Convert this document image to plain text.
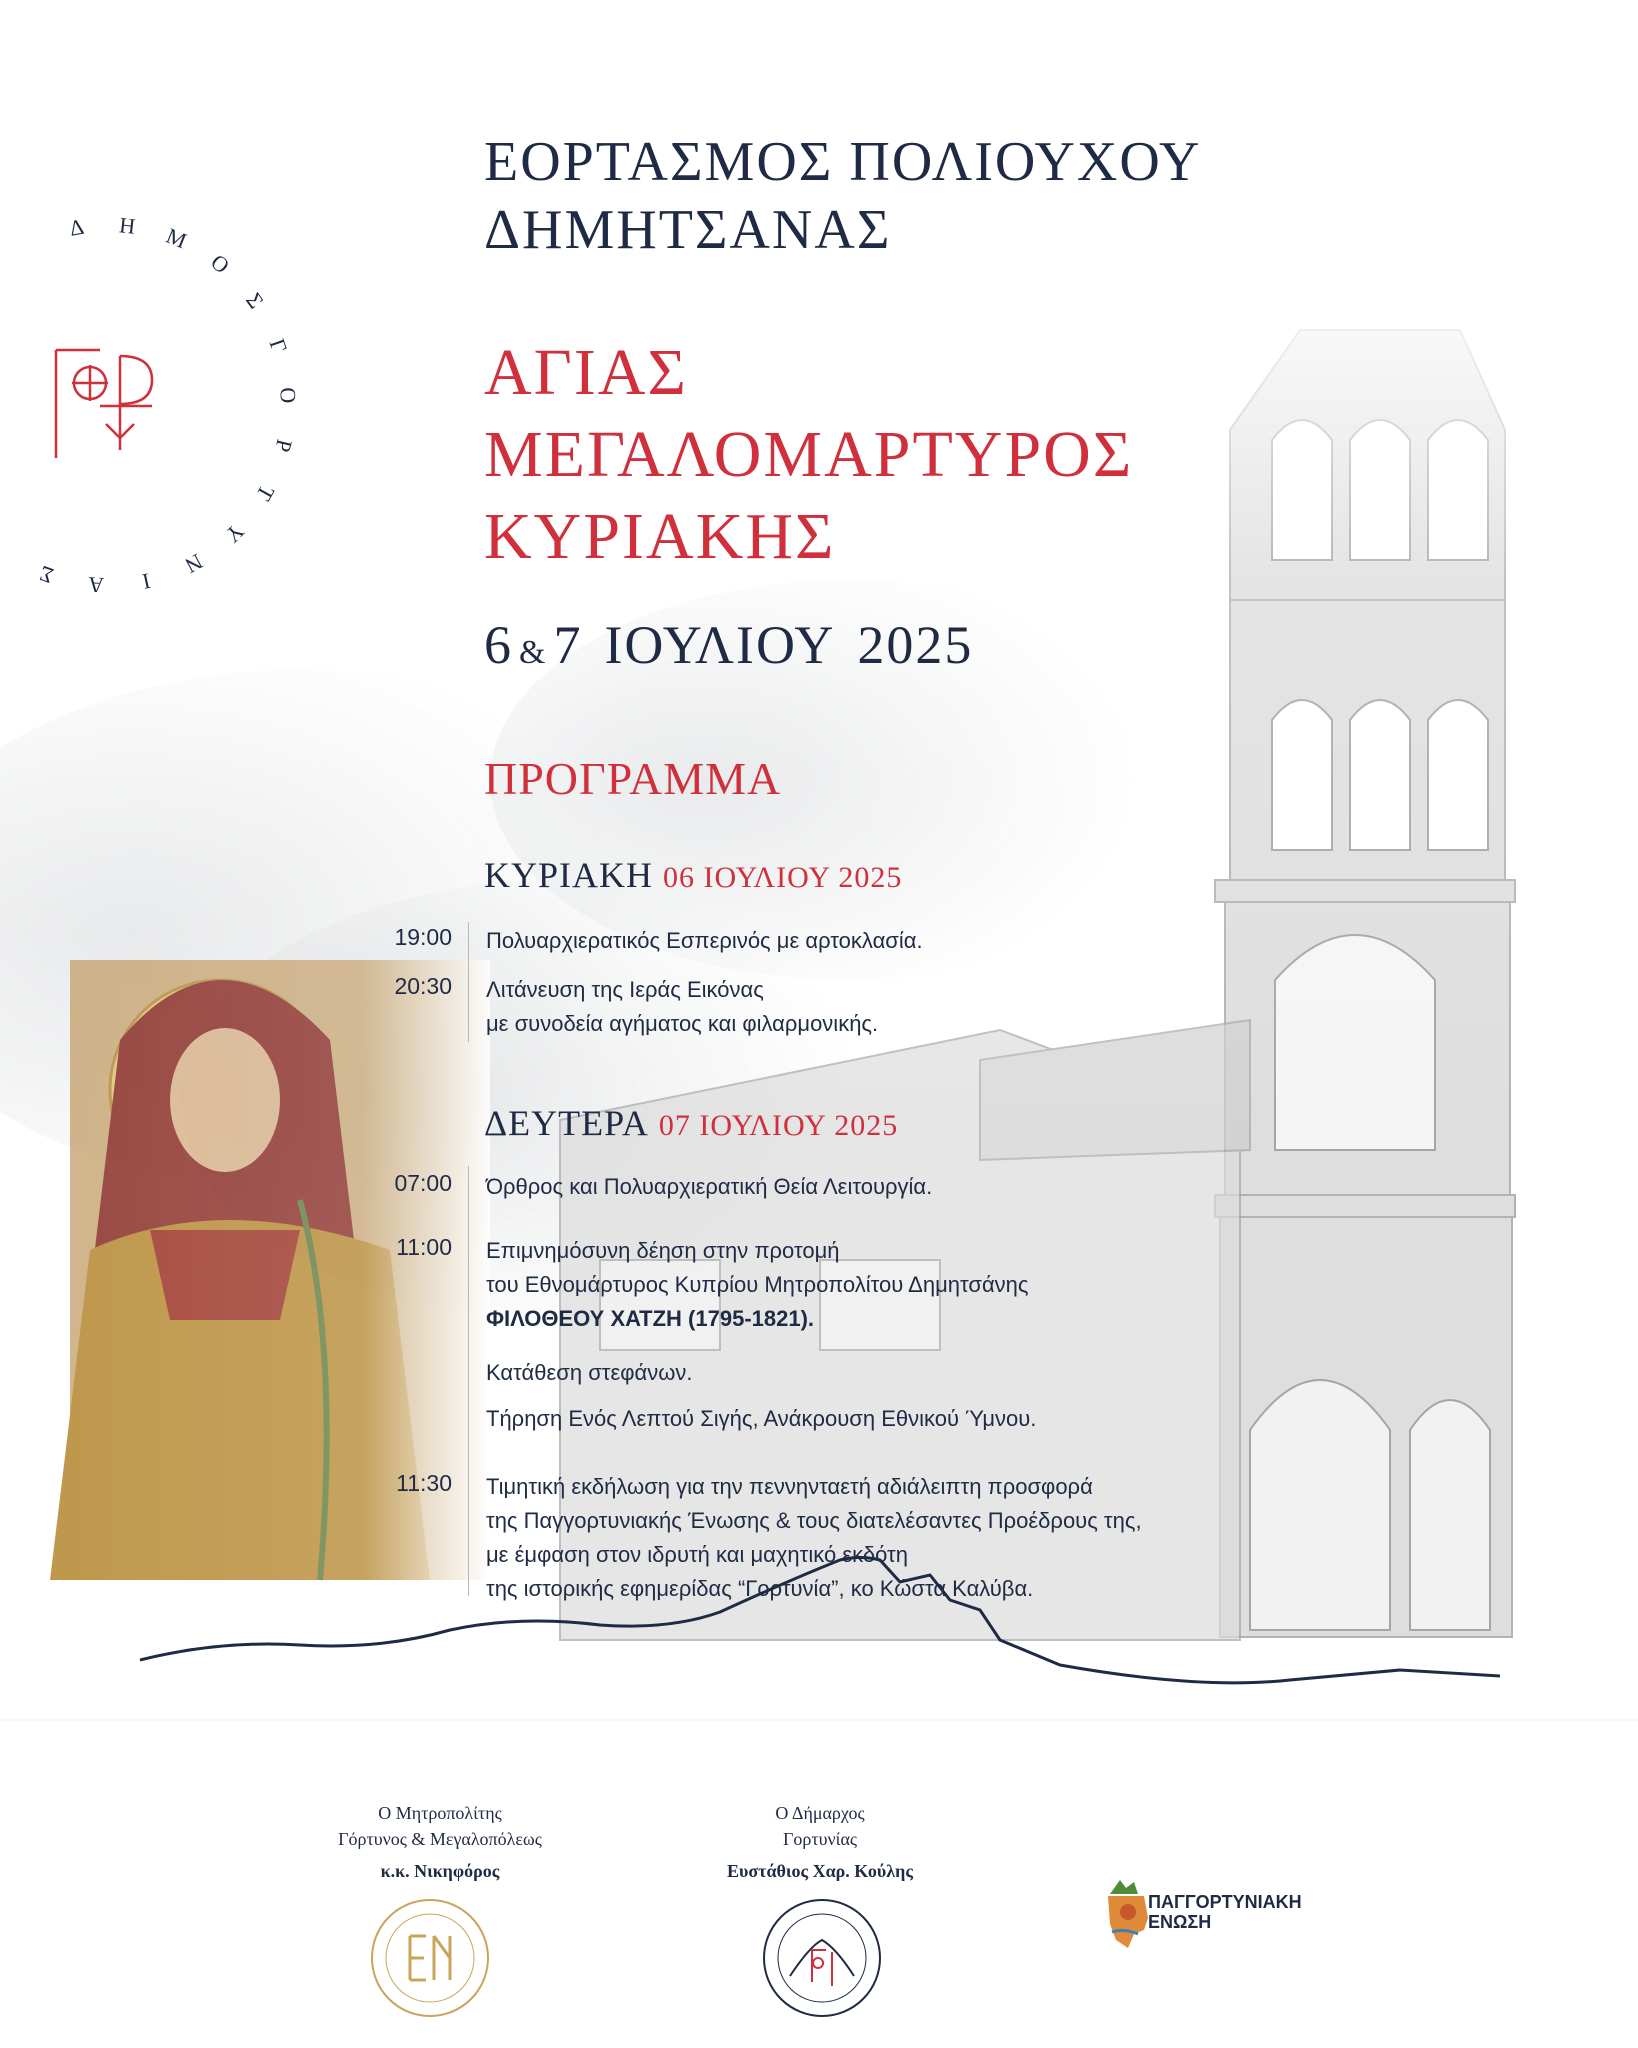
Δ Η Μ
Ο
Σ
Γ
Ο
Ρ
Τ
Υ
Ν
Ι
Α
Σ
ΕΟΡΤΑΣΜΟΣ ΠΟΛΙΟΥΧΟΥ
ΔΗΜΗΤΣΑΝΑΣ
ΑΓΙΑΣ
ΜΕΓΑΛΟΜΑΡΤΥΡΟΣ
ΚΥΡΙΑΚΗΣ
6 & 7 ΙΟΥΛΙΟΥ 2025
ΠΡΟΓΡΑΜΜΑ
ΚΥΡΙΑΚΗ 06 ΙΟΥΛΙΟΥ 2025
19:00 Πολυαρχιερατικός Εσπερινός με αρτοκλασία.
20:30 Λιτάνευση της Ιεράς Εικόνας
με συνοδεία αγήματος και φιλαρμονικής.
ΔΕΥΤΕΡΑ 07 ΙΟΥΛΙΟΥ 2025
07:00 Όρθρος και Πολυαρχιερατική Θεία Λειτουργία.
11:00 Επιμνημόσυνη δέηση στην προτομή
του Εθνομάρτυρος Κυπρίου Μητροπολίτου Δημητσάνης
ΦΙΛΟΘΕΟΥ ΧΑΤΖΗ (1795-1821).
Κατάθεση στεφάνων.
Τήρηση Ενός Λεπτού Σιγής, Ανάκρουση Εθνικού Ύμνου.
11:30 Τιμητική εκδήλωση για την πεννηνταετή αδιάλειπτη προσφορά
της Παγγορτυνιακής Ένωσης & τους διατελέσαντες Προέδρους της,
με έμφαση στον ιδρυτή και μαχητικό εκδότη
της ιστορικής εφημερίδας “Γορτυνία”, κο Κώστα Καλύβα.
Ο Μητροπολίτης
Γόρτυνος & Μεγαλοπόλεως
κ.κ. Νικηφόρος
Ο Δήμαρχος
Γορτυνίας
Ευστάθιος Χαρ. Κούλης
ΠΑΓΓΟΡΤΥΝΙΑΚΗ
ΕΝΩΣΗ
